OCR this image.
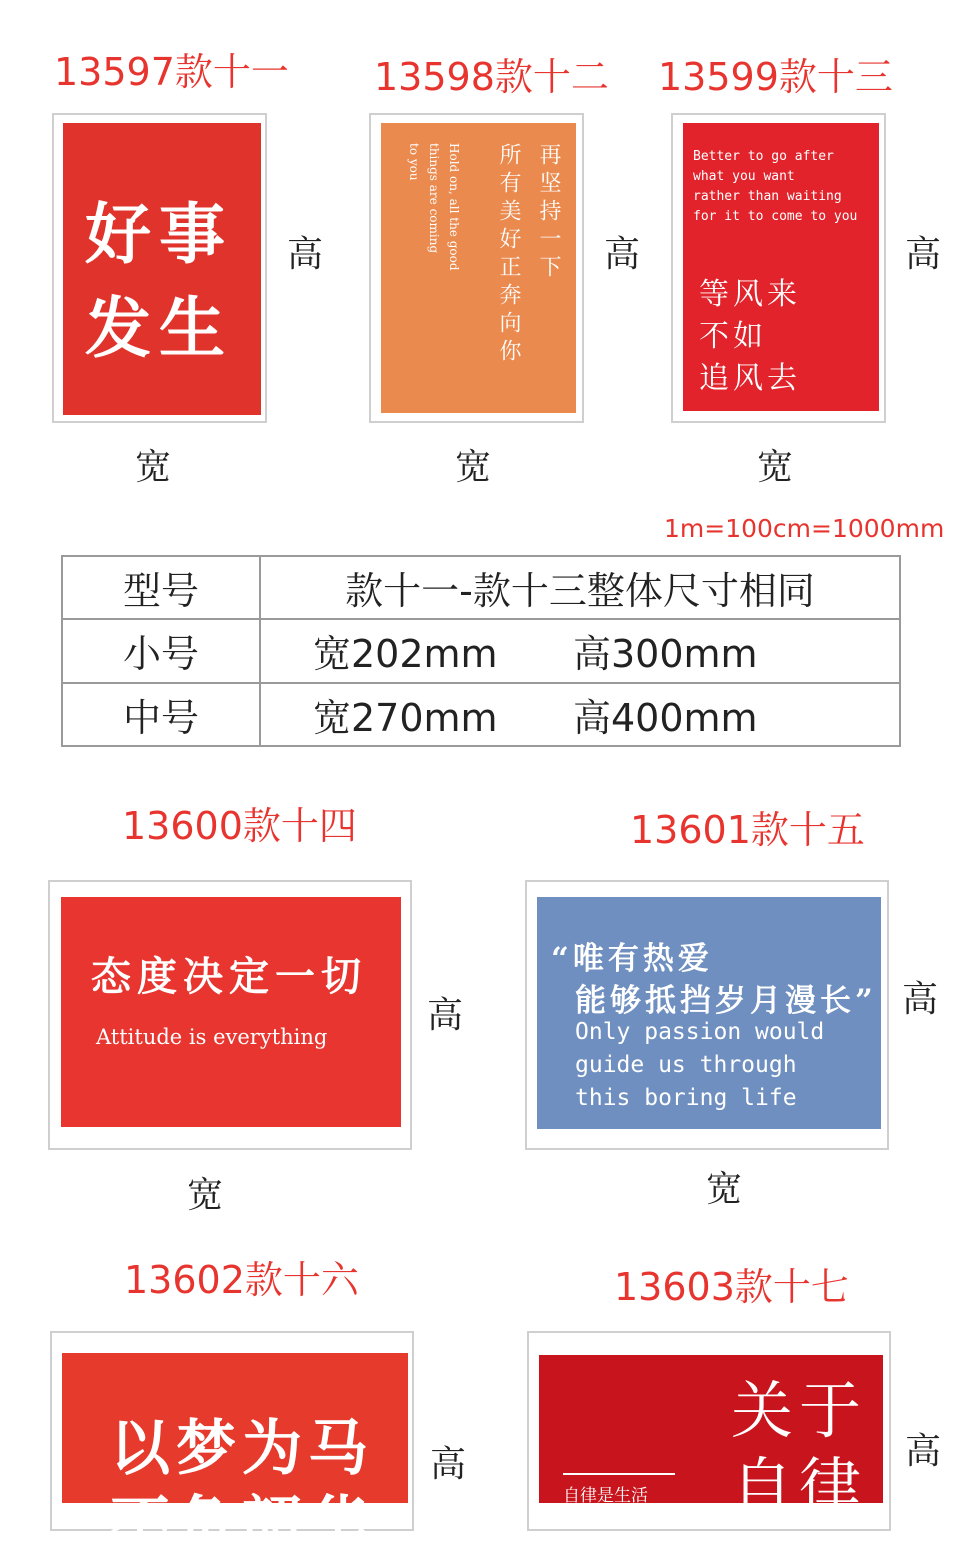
13597款十一 13598款十二 13599款十三
好事
发生
高
宽
再坚持一下
所有美好正奔向你
Hold on, all the good
things are coming
to you
高
宽
Better to go after
what you want
rather than waiting
for it to come to you
等风来
不如
追风去
高
宽
1m=100cm=1000mm
型号	款十一-款十三整体尺寸相同
小号	宽202mm 高300mm

中号	宽270mm 高400mm
13600款十四	13601款十五
态度决定一切
Attitude is everything
高
宽
“唯有热爱
能够抵挡岁月漫长”
Only passion would
guide us through
this boring life
高
宽
13602款十六	13603款十七
以梦为马
不负韶华
高
关于
自律
自律是生活
高
